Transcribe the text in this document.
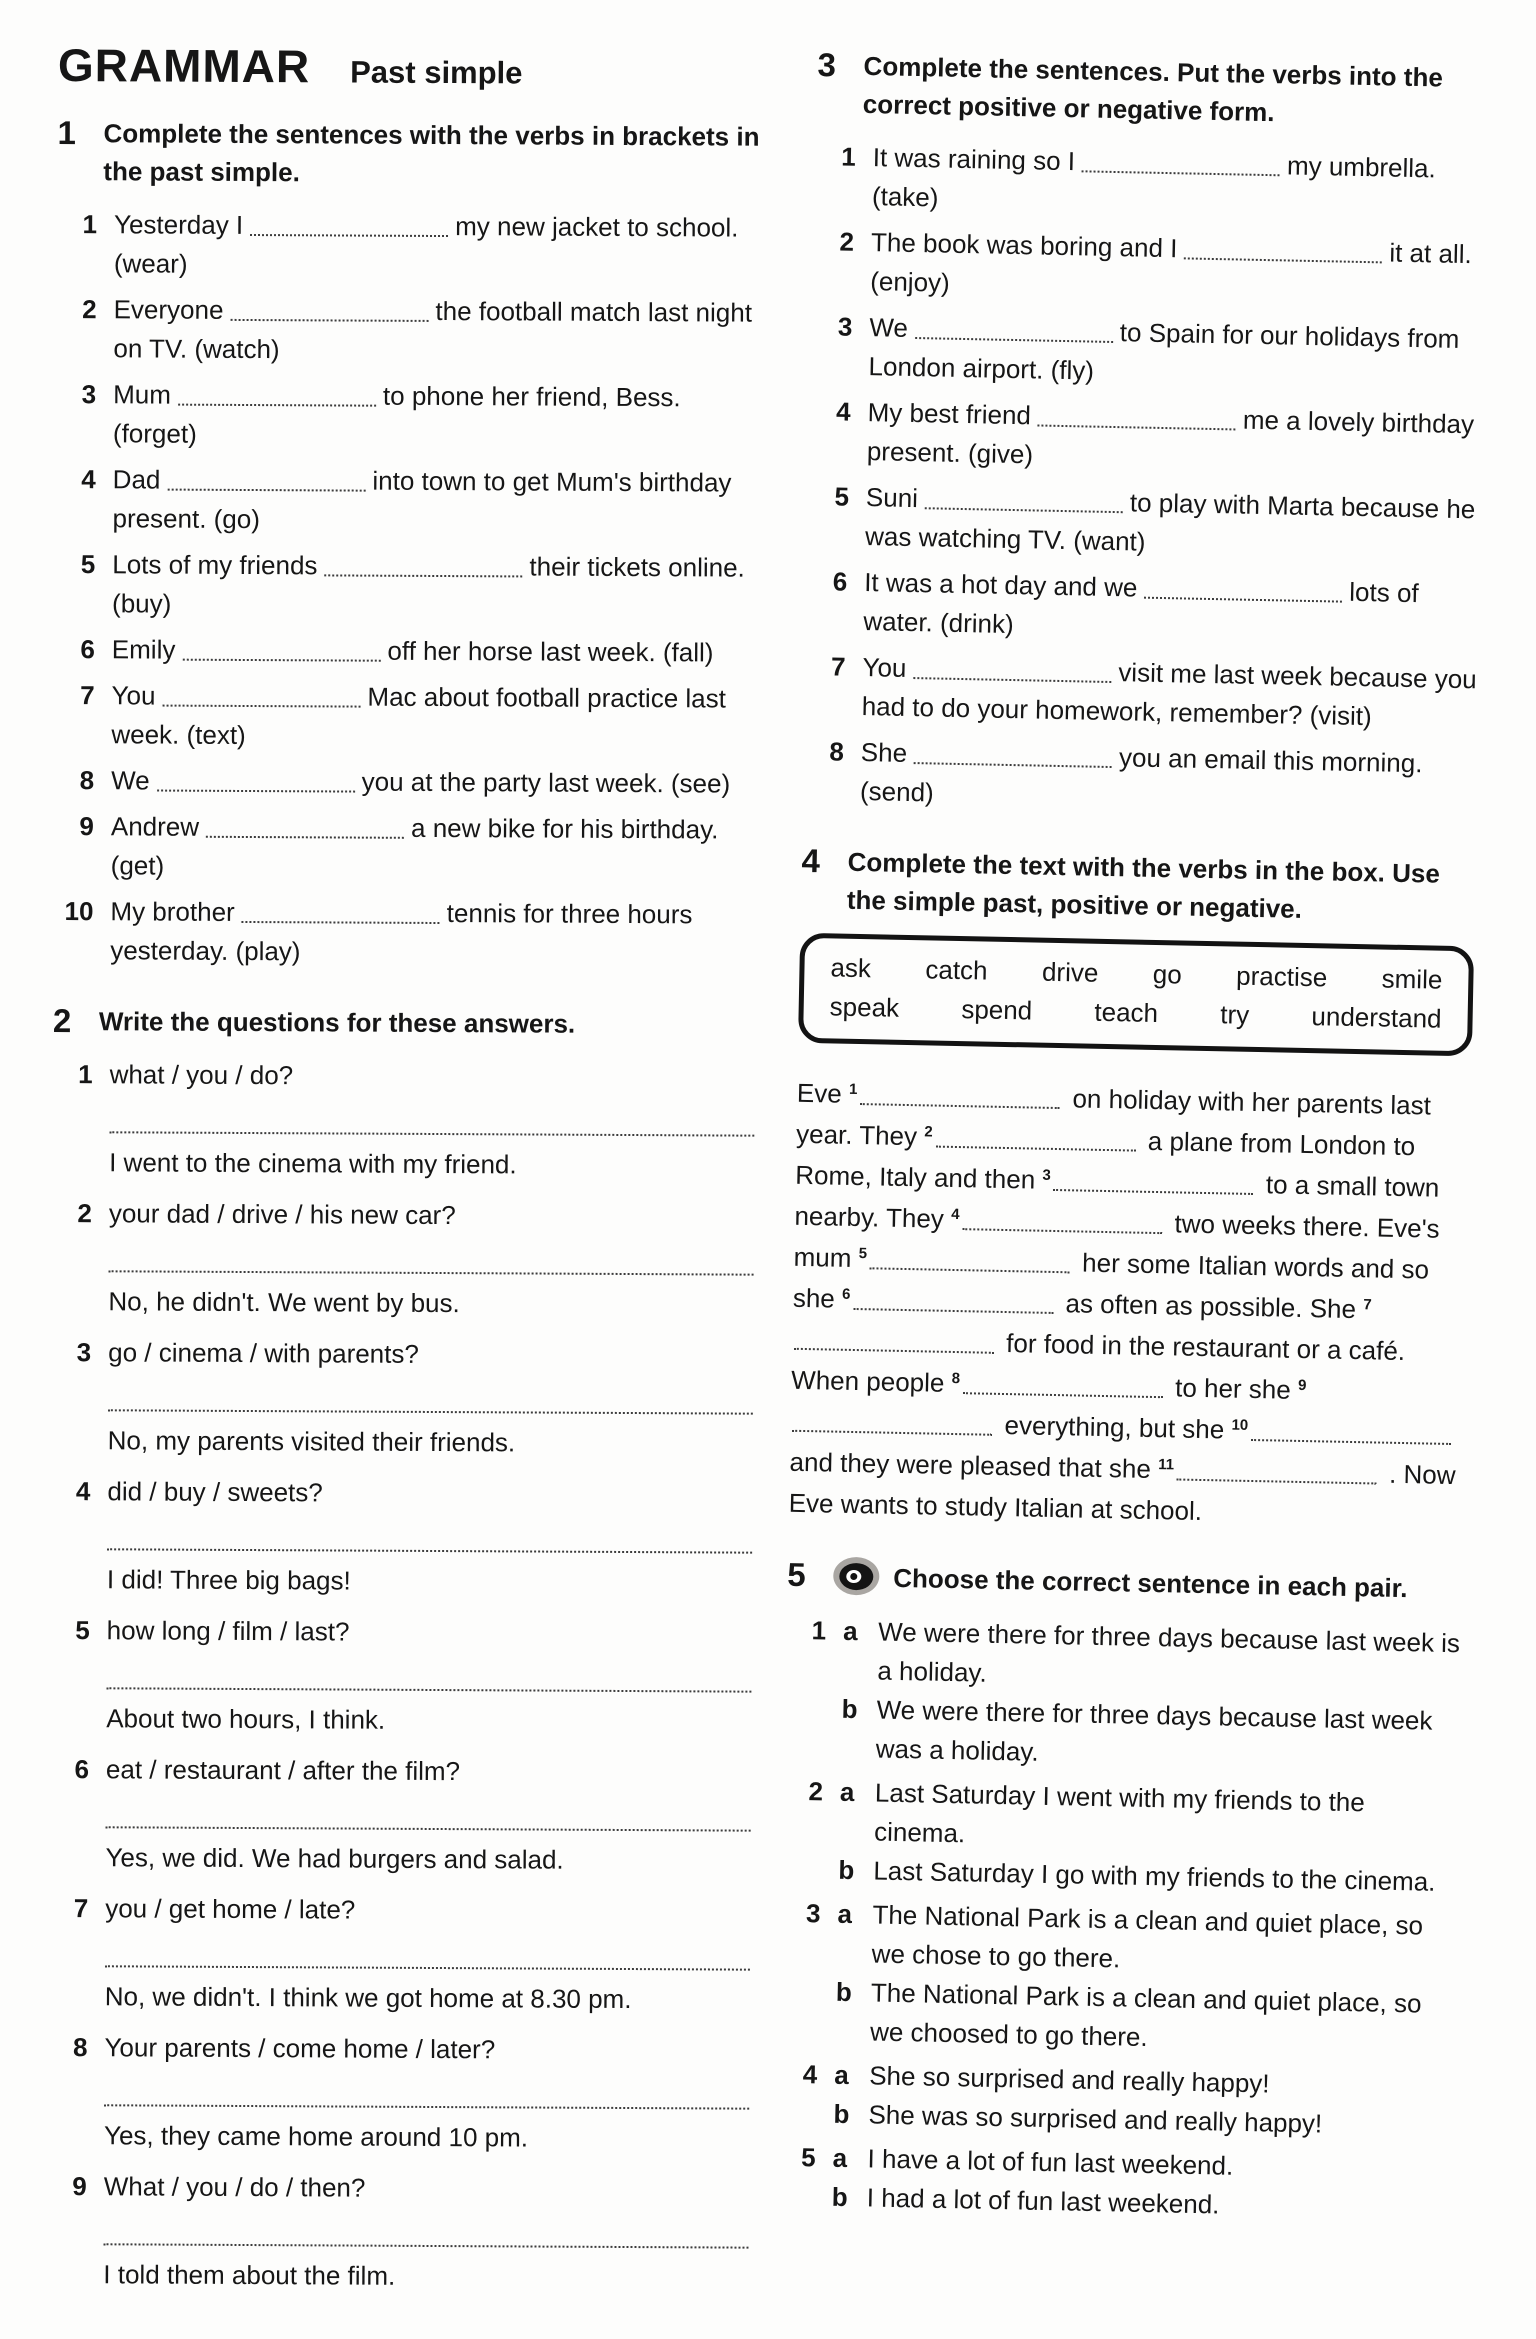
GRAMMAR Past simple
1	Complete the sentences with the verbs in brackets in the past simple.
1 Yesterday I	my new jacket to school. (wear)

2 Everyone	the football match last night on TV. (watch)

3 Mum	to phone her friend, Bess. (forget)

4 Dad	into town to get Mum's birthday present. (go)

5 Lots of my friends	their tickets online. (buy)

6 Emily	off her horse last week. (fall)

7 You	Mac about football practice last week. (text)

8 We	you at the party last week. (see)

9 Andrew	a new bike for his birthday. (get)

10 My brother	tennis for three hours yesterday. (play)

2	Write the questions for these answers.
1 what / you / do?

I went to the cinema with my friend.

2 your dad / drive / his new car?

No, he didn't. We went by bus.

3 go / cinema / with parents?

No, my parents visited their friends.

4 did / buy / sweets?

I did! Three big bags!

5 how long / film / last?

About two hours, I think.

6 eat / restaurant / after the film?

Yes, we did. We had burgers and salad.

7 you / get home / late?

No, we didn't. I think we got home at 8.30 pm.

8 Your parents / come home / later?

Yes, they came home around 10 pm.

9 What / you / do / then?

I told them about the film.

3	Complete the sentences. Put the verbs into the correct positive or negative form.
1 It was raining so I	my umbrella. (take)

2 The book was boring and I	it at all. (enjoy)

3 We	to Spain for our holidays from London airport. (fly)

4 My best friend	me a lovely birthday present. (give)

5 Suni	to play with Marta because he was watching TV. (want)

6 It was a hot day and we	lots of water. (drink)

7 You	visit me last week because you had to do your homework, remember? (visit)

8 She	you an email this morning. (send)

4	Complete the text with the verbs in the box. Use the simple past, positive or negative.
ask catch drive go practise smile
speak spend teach try understand

Eve $^1$	on holiday with her parents last year. They $^2$	a plane from London to Rome, Italy and then $^3$	to a small town nearby. They $^4$	two weeks there. Eve's mum $^5$	her some Italian words and so she $^6$	as often as possible. She $^7$ for food in the restaurant or a café. When people $^8$	to her she $^9$ everything, but she $^{10}$ and they were pleased that she $^{11}$	. Now Eve wants to study Italian at school.

5	Choose the correct sentence in each pair.
1 a We were there for three days because last week is a holiday.

b We were there for three days because last week was a holiday.

2 a Last Saturday I went with my friends to the cinema.

b Last Saturday I go with my friends to the cinema.

3 a The National Park is a clean and quiet place, so we chose to go there.

b The National Park is a clean and quiet place, so we choosed to go there.

4 a She so surprised and really happy!

b She was so surprised and really happy!

5 a I have a lot of fun last weekend.

b I had a lot of fun last weekend.
